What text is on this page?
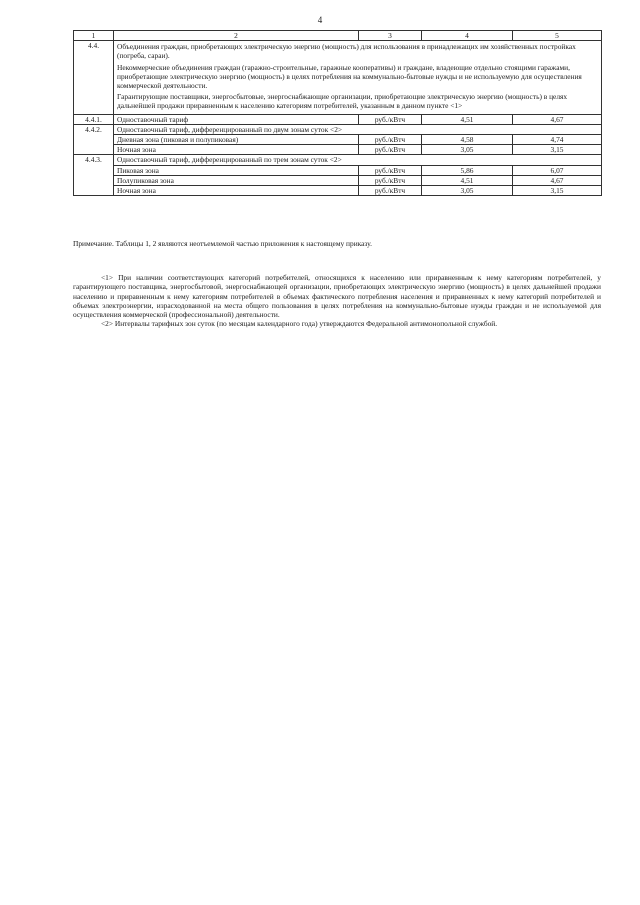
4
1	2	3	4	5
4.4.	Объединения граждан, приобретающих электрическую энергию (мощность) для использования в принадлежащих им хозяйственных постройках (погреба, сараи).

Некоммерческие объединения граждан (гаражно-строительные, гаражные кооперативы) и граждане, владеющие отдельно стоящими гаражами, приобретающие электрическую энергию (мощность) в целях потребления на коммунально-бытовые нужды и не используемую для осуществления коммерческой деятельности.

Гарантирующие поставщики, энергосбытовые, энергоснабжающие организации, приобретающие электрическую энергию (мощность) в целях дальнейшей продажи приравненным к населению категориям потребителей, указанным в данном пункте <1>			

4.4.1.	Одноставочный тариф	руб./кВтч	4,51	4,67
4.4.2.	Одноставочный тариф, дифференцированный по двум зонам суток <2>			
	Дневная зона (пиковая и полупиковая)	руб./кВтч	4,58	4,74
	Ночная зона	руб./кВтч	3,05	3,15
4.4.3.	Одноставочный тариф, дифференцированный по трем зонам суток <2>			
	Пиковая зона	руб./кВтч	5,86	6,07
	Полупиковая зона	руб./кВтч	4,51	4,67
	Ночная зона	руб./кВтч	3,05	3,15
Примечание. Таблицы 1, 2 являются неотъемлемой частью приложения к настоящему приказу.

<1> При наличии соответствующих категорий потребителей, относящихся к населению или приравненным к нему категориям потребителей, у гарантирующего поставщика, энергосбытовой, энергоснабжающей организации, приобретающих электрическую энергию (мощность) в целях дальнейшей продажи населению и приравненным к нему категориям потребителей в объемах фактического потребления населения и приравненных к нему категорий потребителей и объемах электроэнергии, израсходованной на места общего пользования в целях потребления на коммунально-бытовые нужды граждан и не используемой для осуществления коммерческой (профессиональной) деятельности.

<2> Интервалы тарифных зон суток (по месяцам календарного года) утверждаются Федеральной антимонопольной службой.
